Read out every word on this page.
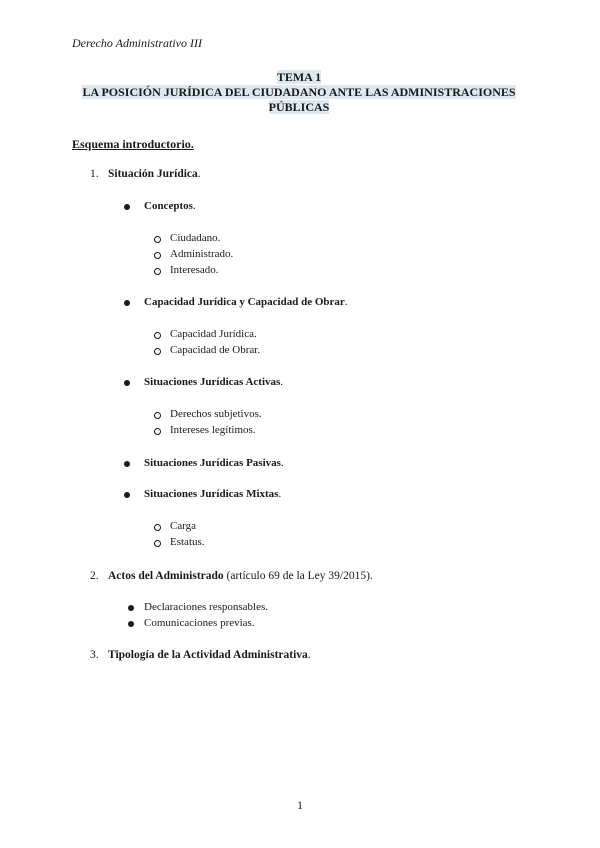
Derecho Administrativo III
TEMA 1
LA POSICIÓN JURÍDICA DEL CIUDADANO ANTE LAS ADMINISTRACIONES
PÚBLICAS
Esquema introductorio.
1. Situación Jurídica.
Conceptos.
Ciudadano.
Administrado.
Interesado.
Capacidad Jurídica y Capacidad de Obrar.
Capacidad Jurídica.
Capacidad de Obrar.
Situaciones Jurídicas Activas.
Derechos subjetivos.
Intereses legítimos.
Situaciones Jurídicas Pasivas.
Situaciones Jurídicas Mixtas.
Carga
Estatus.
2. Actos del Administrado (artículo 69 de la Ley 39/2015).
Declaraciones responsables.
Comunicaciones previas.
3. Tipología de la Actividad Administrativa.
1
